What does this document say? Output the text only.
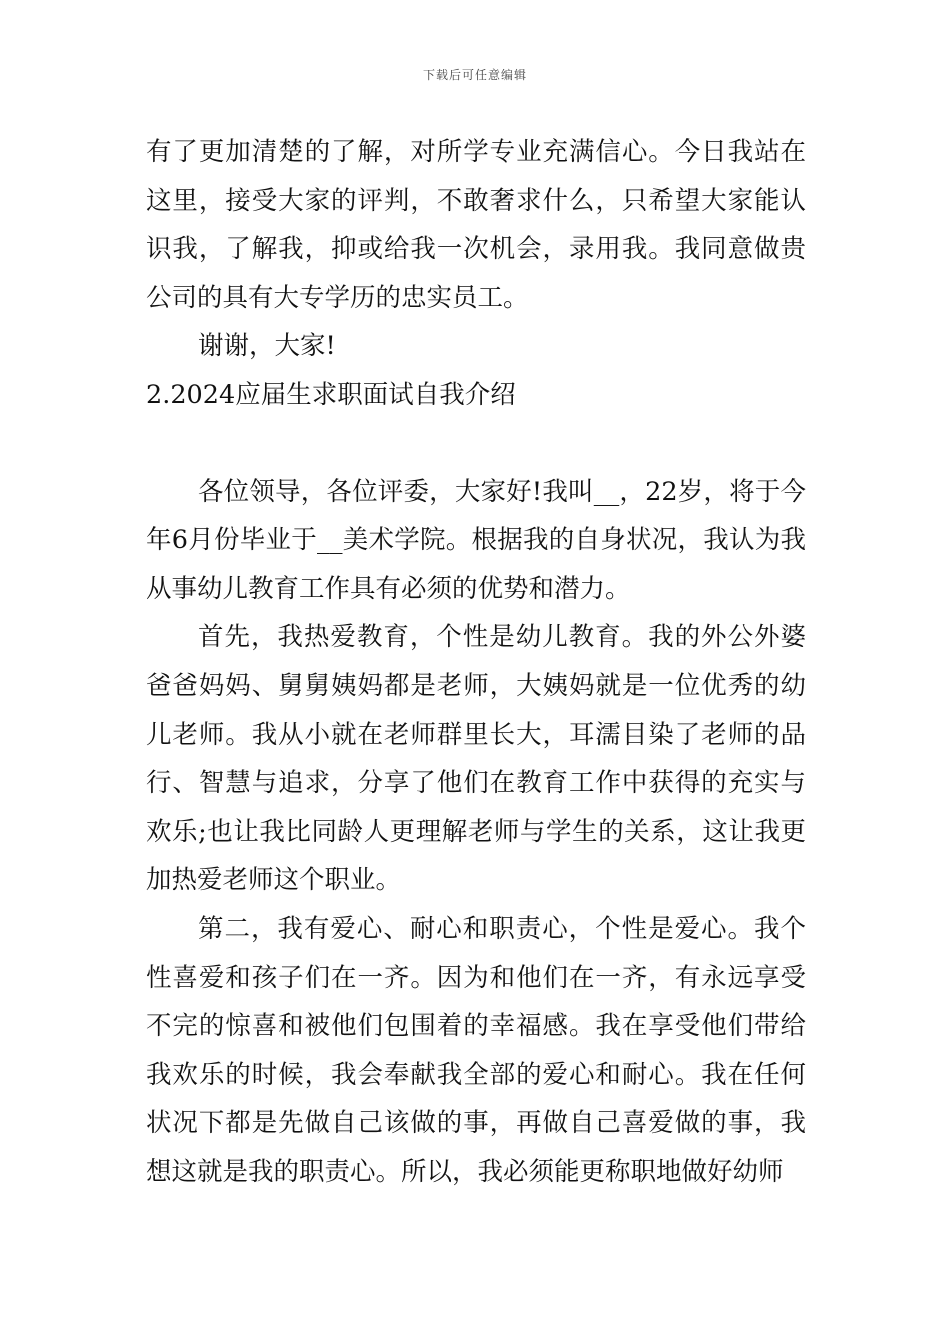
下载后可任意编辑

有了更加清楚的了解，对所学专业充满信心。今日我站在这里，接受大家的评判，不敢奢求什么，只希望大家能认识我，了解我，抑或给我一次机会，录用我。我同意做贵公司的具有大专学历的忠实员工。

谢谢，大家!

2.2024应届生求职面试自我介绍

各位领导，各位评委，大家好!我叫__，22岁，将于今年6月份毕业于__美术学院。根据我的自身状况，我认为我从事幼儿教育工作具有必须的优势和潜力。

首先，我热爱教育，个性是幼儿教育。我的外公外婆爸爸妈妈、舅舅姨妈都是老师，大姨妈就是一位优秀的幼儿老师。我从小就在老师群里长大，耳濡目染了老师的品行、智慧与追求，分享了他们在教育工作中获得的充实与欢乐;也让我比同龄人更理解老师与学生的关系，这让我更加热爱老师这个职业。

第二，我有爱心、耐心和职责心，个性是爱心。我个性喜爱和孩子们在一齐。因为和他们在一齐，有永远享受不完的惊喜和被他们包围着的幸福感。我在享受他们带给我欢乐的时候，我会奉献我全部的爱心和耐心。我在任何状况下都是先做自己该做的事，再做自己喜爱做的事，我想这就是我的职责心。所以，我必须能更称职地做好幼师
